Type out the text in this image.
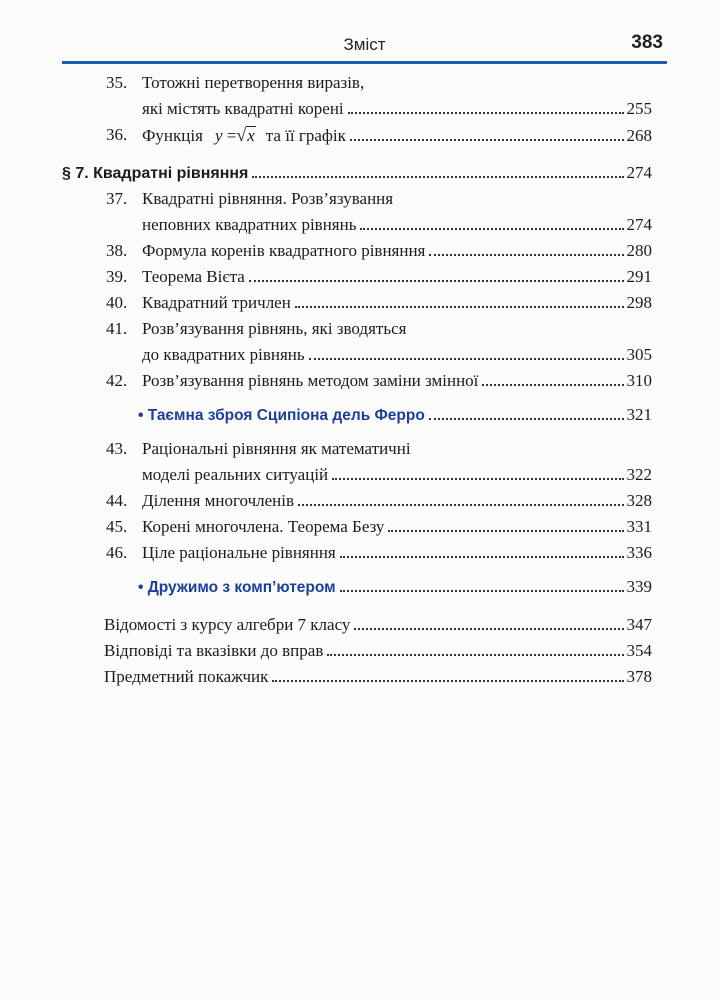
Зміст	383
35. Тотожні перетворення виразів,
які містять квадратні корені	255
36. Функція y =√x та її графік	268
§ 7. Квадратні рівняння	274
37. Квадратні рівняння. Розв’язування
неповних квадратних рівнянь	274
38. Формула коренів квадратного рівняння	280
39. Теорема Вієта	291
40. Квадратний тричлен	298
41. Розв’язування рівнянь, які зводяться
до квадратних рівнянь	305
42. Розв’язування рівнянь методом заміни змінної	310
• Таємна зброя Сципіона дель Ферро	321
43. Раціональні рівняння як математичні
моделі реальних ситуацій	322
44. Ділення многочленів	328
45. Корені многочлена. Теорема Безу	331
46. Ціле раціональне рівняння	336
• Дружимо з комп’ютером	339
Відомості з курсу алгебри 7 класу	347
Відповіді та вказівки до вправ	354
Предметний покажчик	378
